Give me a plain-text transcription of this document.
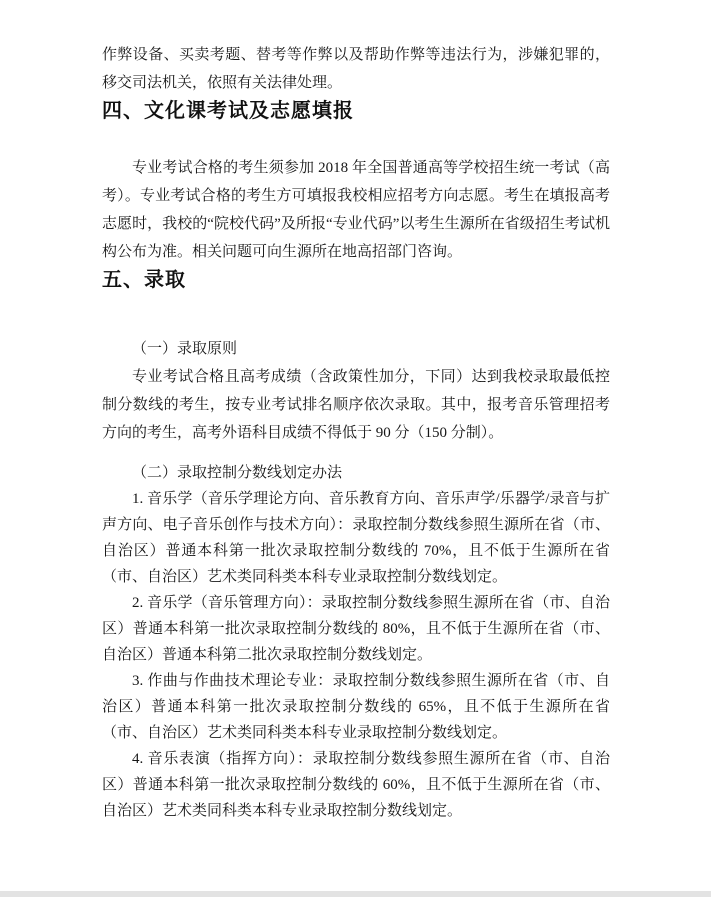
作弊设备、买卖考题、替考等作弊以及帮助作弊等违法行为，涉嫌犯罪的，移交司法机关，依照有关法律处理。

四、文化课考试及志愿填报

专业考试合格的考生须参加 2018 年全国普通高等学校招生统一考试（高考）。专业考试合格的考生方可填报我校相应招考方向志愿。考生在填报高考志愿时，我校的“院校代码”及所报“专业代码”以考生生源所在省级招生考试机构公布为准。相关问题可向生源所在地高招部门咨询。

五、录取

（一）录取原则

专业考试合格且高考成绩（含政策性加分，下同）达到我校录取最低控制分数线的考生，按专业考试排名顺序依次录取。其中，报考音乐管理招考方向的考生，高考外语科目成绩不得低于 90 分（150 分制）。

（二）录取控制分数线划定办法

1. 音乐学（音乐学理论方向、音乐教育方向、音乐声学/乐器学/录音与扩声方向、电子音乐创作与技术方向）：录取控制分数线参照生源所在省（市、自治区）普通本科第一批次录取控制分数线的 70%，且不低于生源所在省（市、自治区）艺术类同科类本科专业录取控制分数线划定。

2. 音乐学（音乐管理方向）：录取控制分数线参照生源所在省（市、自治区）普通本科第一批次录取控制分数线的 80%，且不低于生源所在省（市、自治区）普通本科第二批次录取控制分数线划定。

3. 作曲与作曲技术理论专业：录取控制分数线参照生源所在省（市、自治区）普通本科第一批次录取控制分数线的 65%，且不低于生源所在省（市、自治区）艺术类同科类本科专业录取控制分数线划定。

4. 音乐表演（指挥方向）：录取控制分数线参照生源所在省（市、自治区）普通本科第一批次录取控制分数线的 60%，且不低于生源所在省（市、自治区）艺术类同科类本科专业录取控制分数线划定。
